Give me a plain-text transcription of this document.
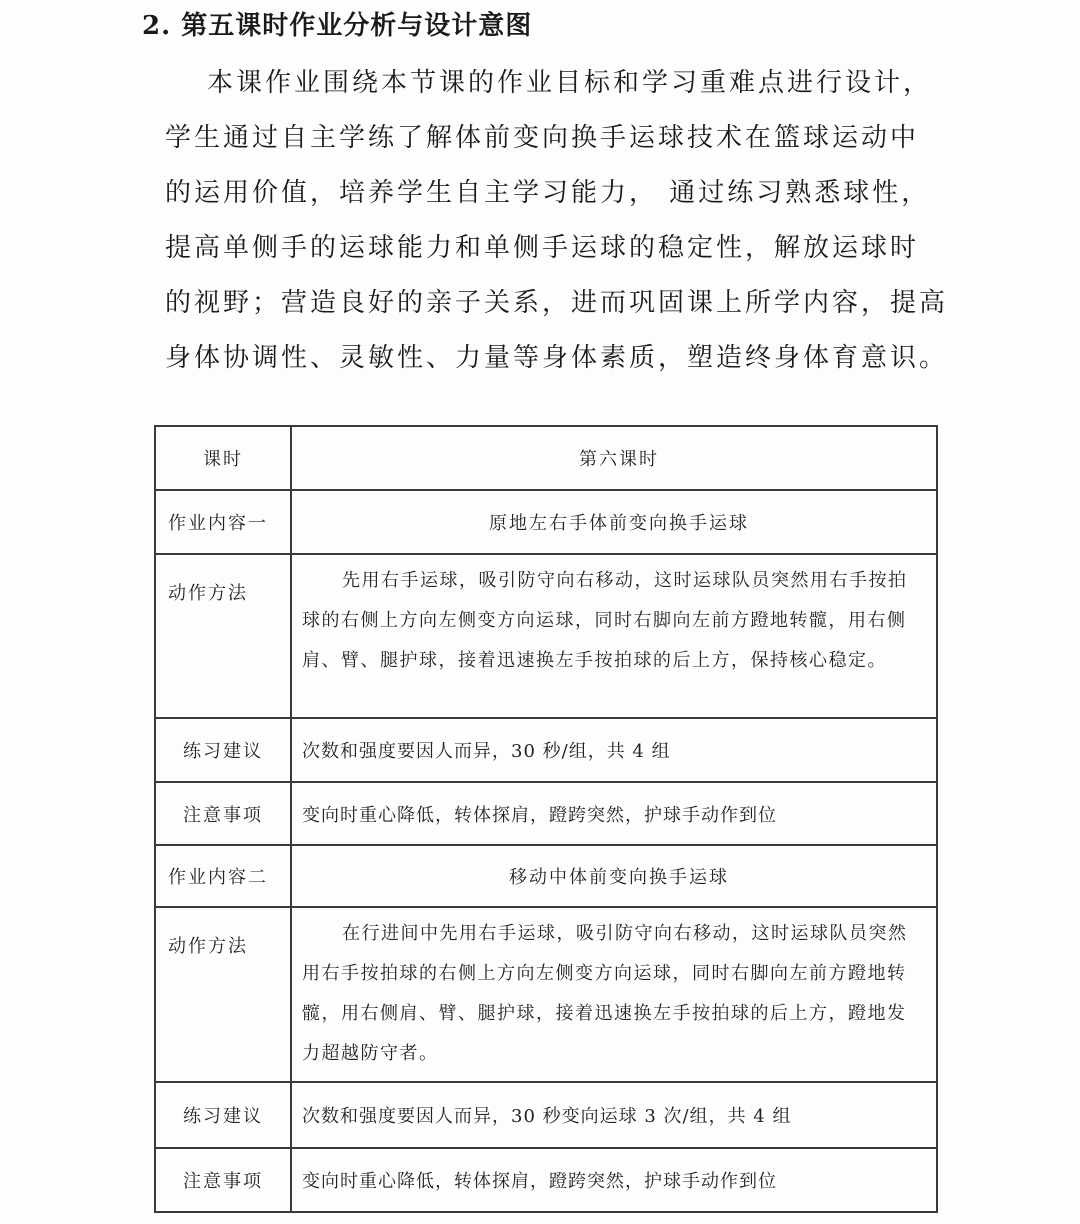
2. 第五课时作业分析与设计意图
本课作业围绕本节课的作业目标和学习重难点进行设计，
学生通过自主学练了解体前变向换手运球技术在篮球运动中
的运用价值，培养学生自主学习能力， 通过练习熟悉球性，
提高单侧手的运球能力和单侧手运球的稳定性，解放运球时
的视野；营造良好的亲子关系，进而巩固课上所学内容，提高
身体协调性、灵敏性、力量等身体素质，塑造终身体育意识。
课时	第六课时
作业内容一	原地左右手体前变向换手运球
动作方法	先用右手运球，吸引防守向右移动，这时运球队员突然用右手按拍球的右侧上方向左侧变方向运球，同时右脚向左前方蹬地转髋，用右侧肩、臂、腿护球，接着迅速换左手按拍球的后上方，保持核心稳定。

练习建议	次数和强度要因人而异，30 秒/组，共 4 组
注意事项	变向时重心降低，转体探肩，蹬跨突然，护球手动作到位
作业内容二	移动中体前变向换手运球
动作方法	在行进间中先用右手运球，吸引防守向右移动，这时运球队员突然用右手按拍球的右侧上方向左侧变方向运球，同时右脚向左前方蹬地转髋，用右侧肩、臂、腿护球，接着迅速换左手按拍球的后上方，蹬地发力超越防守者。

练习建议	次数和强度要因人而异，30 秒变向运球 3 次/组，共 4 组
注意事项	变向时重心降低，转体探肩，蹬跨突然，护球手动作到位
